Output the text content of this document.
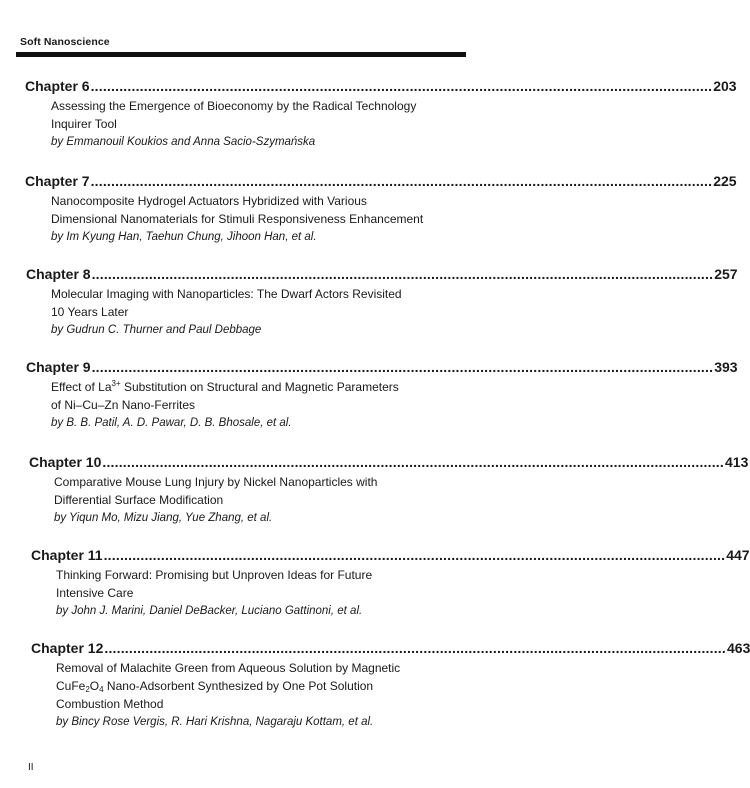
Soft Nanoscience
Chapter 6 ........................................................................................................................................................ 203
Assessing the Emergence of Bioeconomy by the Radical Technology
Inquirer Tool
by Emmanouil Koukios and Anna Sacio-Szymańska
Chapter 7 ........................................................................................................................................................ 225
Nanocomposite Hydrogel Actuators Hybridized with Various
Dimensional Nanomaterials for Stimuli Responsiveness Enhancement
by Im Kyung Han, Taehun Chung, Jihoon Han, et al.
Chapter 8 ........................................................................................................................................................ 257
Molecular Imaging with Nanoparticles: The Dwarf Actors Revisited
10 Years Later
by Gudrun C. Thurner and Paul Debbage
Chapter 9 ........................................................................................................................................................ 393
Effect of $La^{3+}$ Substitution on Structural and Magnetic Parameters
of Ni–Cu–Zn Nano-Ferrites
by B. B. Patil, A. D. Pawar, D. B. Bhosale, et al.
Chapter 10 ........................................................................................................................................................ 413
Comparative Mouse Lung Injury by Nickel Nanoparticles with
Differential Surface Modification
by Yiqun Mo, Mizu Jiang, Yue Zhang, et al.
Chapter 11 ........................................................................................................................................................ 447
Thinking Forward: Promising but Unproven Ideas for Future
Intensive Care
by John J. Marini, Daniel DeBacker, Luciano Gattinoni, et al.
Chapter 12 ........................................................................................................................................................ 463
Removal of Malachite Green from Aqueous Solution by Magnetic
$CuFe_2O_4$ Nano-Adsorbent Synthesized by One Pot Solution
Combustion Method
by Bincy Rose Vergis, R. Hari Krishna, Nagaraju Kottam, et al.
II
